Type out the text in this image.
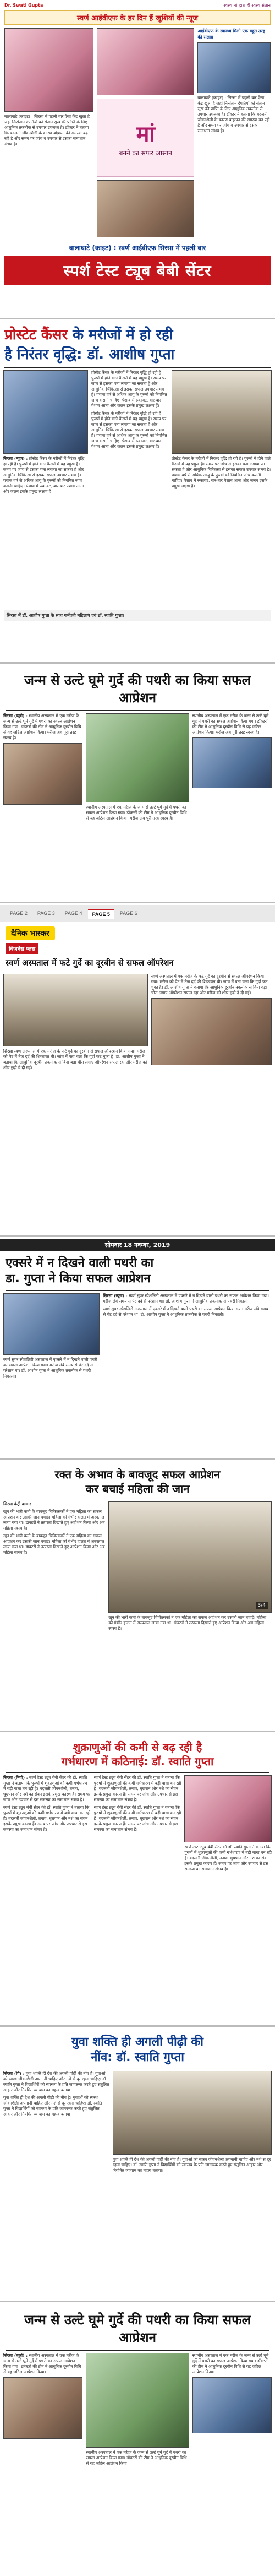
Dr. Swati Gupta	स्वस्थ मां द्वारा ही स्वस्थ संतान
स्वर्ण आईवीएफ के हर दिन हैं खुशियों की न्यूज

बालाघाटे (काइट) : सिरसा में पहली बार ऐसा केंद्र खुला है जहां निःसंतान दंपतियों को संतान सुख की प्राप्ति के लिए आधुनिक तकनीक से उपचार उपलब्ध है। डॉक्टर ने बताया कि बदलती जीवनशैली के कारण बांझपन की समस्या बढ़ रही है और समय पर जांच व उपचार से इसका समाधान संभव है।	मां
बनने का सफर आसान
आईवीएफ के स्वास्थ्य मिलो एक बहुत तरह की सलाह

बालाघाटे (काइट) : सिरसा में पहली बार ऐसा केंद्र खुला है जहां निःसंतान दंपतियों को संतान सुख की प्राप्ति के लिए आधुनिक तकनीक से उपचार उपलब्ध है। डॉक्टर ने बताया कि बदलती जीवनशैली के कारण बांझपन की समस्या बढ़ रही है और समय पर जांच व उपचार से इसका समाधान संभव है।

बालाघाटे (काइट) : स्वर्ण आईवीएफ सिरसा में पहली बार
स्पर्श टेस्ट ट्यूब बेबी सेंटर
प्रोस्टेट कैंसर के मरीजों में हो रही
है निरंतर वृद्धि: डॉ. आशीष गुप्ता

सिरसा (न्यूज) : प्रोस्टेट कैंसर के मरीजों में निरंतर वृद्धि हो रही है। पुरुषों में होने वाले कैंसरों में यह प्रमुख है। समय पर जांच से इसका पता लगाया जा सकता है और आधुनिक चिकित्सा से इसका सफल उपचार संभव है। पचास वर्ष से अधिक आयु के पुरुषों को नियमित जांच करानी चाहिए। पेशाब में रुकावट, बार-बार पेशाब आना और जलन इसके प्रमुख लक्षण हैं।

प्रोस्टेट कैंसर के मरीजों में निरंतर वृद्धि हो रही है। पुरुषों में होने वाले कैंसरों में यह प्रमुख है। समय पर जांच से इसका पता लगाया जा सकता है और आधुनिक चिकित्सा से इसका सफल उपचार संभव है। पचास वर्ष से अधिक आयु के पुरुषों को नियमित जांच करानी चाहिए। पेशाब में रुकावट, बार-बार पेशाब आना और जलन इसके प्रमुख लक्षण हैं।

प्रोस्टेट कैंसर के मरीजों में निरंतर वृद्धि हो रही है। पुरुषों में होने वाले कैंसरों में यह प्रमुख है। समय पर जांच से इसका पता लगाया जा सकता है और आधुनिक चिकित्सा से इसका सफल उपचार संभव है। पचास वर्ष से अधिक आयु के पुरुषों को नियमित जांच करानी चाहिए। पेशाब में रुकावट, बार-बार पेशाब आना और जलन इसके प्रमुख लक्षण हैं।

प्रोस्टेट कैंसर के मरीजों में निरंतर वृद्धि हो रही है। पुरुषों में होने वाले कैंसरों में यह प्रमुख है। समय पर जांच से इसका पता लगाया जा सकता है और आधुनिक चिकित्सा से इसका सफल उपचार संभव है। पचास वर्ष से अधिक आयु के पुरुषों को नियमित जांच करानी चाहिए। पेशाब में रुकावट, बार-बार पेशाब आना और जलन इसके प्रमुख लक्षण हैं।

सिरसा में डॉ. आशीष गुप्ता के साथ गर्भवती महिलाएं एवं डॉ. स्वाति गुप्ता।
जन्म से उल्टे घूमे गुर्दे की पथरी का किया सफल आप्रेशन

सिरसा (ब्यूरो) : स्थानीय अस्पताल में एक मरीज के जन्म से उल्टे घूमे गुर्दे में पथरी का सफल आप्रेशन किया गया। डॉक्टरों की टीम ने आधुनिक दूरबीन विधि से यह जटिल आप्रेशन किया। मरीज अब पूरी तरह स्वस्थ है।

स्थानीय अस्पताल में एक मरीज के जन्म से उल्टे घूमे गुर्दे में पथरी का सफल आप्रेशन किया गया। डॉक्टरों की टीम ने आधुनिक दूरबीन विधि से यह जटिल आप्रेशन किया। मरीज अब पूरी तरह स्वस्थ है।

स्थानीय अस्पताल में एक मरीज के जन्म से उल्टे घूमे गुर्दे में पथरी का सफल आप्रेशन किया गया। डॉक्टरों की टीम ने आधुनिक दूरबीन विधि से यह जटिल आप्रेशन किया। मरीज अब पूरी तरह स्वस्थ है।

PAGE 2	PAGE 3	PAGE 4	PAGE 5	PAGE 6
दैनिक भास्कर
बिजनेस प्लस
स्वर्ण अस्पताल में फटे गुर्दे का दूरबीन से सफल ऑपरेशन

सिरसा स्वर्ण अस्पताल में एक मरीज के फटे गुर्दे का दूरबीन से सफल ऑपरेशन किया गया। मरीज को पेट में तेज दर्द की शिकायत थी। जांच में पता चला कि गुर्दा फट चुका है। डॉ. आशीष गुप्ता ने बताया कि आधुनिक दूरबीन तकनीक से बिना बड़ा चीरा लगाए ऑपरेशन सफल रहा और मरीज को शीघ्र छुट्टी दे दी गई।

स्वर्ण अस्पताल में एक मरीज के फटे गुर्दे का दूरबीन से सफल ऑपरेशन किया गया। मरीज को पेट में तेज दर्द की शिकायत थी। जांच में पता चला कि गुर्दा फट चुका है। डॉ. आशीष गुप्ता ने बताया कि आधुनिक दूरबीन तकनीक से बिना बड़ा चीरा लगाए ऑपरेशन सफल रहा और मरीज को शीघ्र छुट्टी दे दी गई।

सोमवार 18 नवम्बर, 2019
एक्सरे में न दिखने वाली पथरी का
डा. गुप्ता ने किया सफल आप्रेशन

स्वर्ण सुपर स्पेशलिटी अस्पताल में एक्सरे में न दिखने वाली पथरी का सफल आप्रेशन किया गया। मरीज लंबे समय से पेट दर्द से परेशान था। डॉ. आशीष गुप्ता ने आधुनिक तकनीक से पथरी निकाली।

सिरसा (न्यूज) : स्वर्ण सुपर स्पेशलिटी अस्पताल में एक्सरे में न दिखने वाली पथरी का सफल आप्रेशन किया गया। मरीज लंबे समय से पेट दर्द से परेशान था। डॉ. आशीष गुप्ता ने आधुनिक तकनीक से पथरी निकाली।

स्वर्ण सुपर स्पेशलिटी अस्पताल में एक्सरे में न दिखने वाली पथरी का सफल आप्रेशन किया गया। मरीज लंबे समय से पेट दर्द से परेशान था। डॉ. आशीष गुप्ता ने आधुनिक तकनीक से पथरी निकाली।

रक्त के अभाव के बावजूद सफल आप्रेशन
कर बचाई महिला की जान

सिरसा कंट्री बाजार

खून की भारी कमी के बावजूद चिकित्सकों ने एक महिला का सफल आप्रेशन कर उसकी जान बचाई। महिला को गंभीर हालत में अस्पताल लाया गया था। डॉक्टरों ने तत्परता दिखाते हुए आप्रेशन किया और अब महिला स्वस्थ है।

खून की भारी कमी के बावजूद चिकित्सकों ने एक महिला का सफल आप्रेशन कर उसकी जान बचाई। महिला को गंभीर हालत में अस्पताल लाया गया था। डॉक्टरों ने तत्परता दिखाते हुए आप्रेशन किया और अब महिला स्वस्थ है।

3/4

खून की भारी कमी के बावजूद चिकित्सकों ने एक महिला का सफल आप्रेशन कर उसकी जान बचाई। महिला को गंभीर हालत में अस्पताल लाया गया था। डॉक्टरों ने तत्परता दिखाते हुए आप्रेशन किया और अब महिला स्वस्थ है।

शुक्राणुओं की कमी से बढ़ रही है
गर्भधारण में कठिनाई: डॉ. स्वाति गुप्ता

सिरसा (नियो) : स्वर्ण टेस्ट ट्यूब बेबी सेंटर की डॉ. स्वाति गुप्ता ने बताया कि पुरुषों में शुक्राणुओं की कमी गर्भधारण में बड़ी बाधा बन रही है। बदलती जीवनशैली, तनाव, धूम्रपान और नशे का सेवन इसके प्रमुख कारण हैं। समय पर जांच और उपचार से इस समस्या का समाधान संभव है।

स्वर्ण टेस्ट ट्यूब बेबी सेंटर की डॉ. स्वाति गुप्ता ने बताया कि पुरुषों में शुक्राणुओं की कमी गर्भधारण में बड़ी बाधा बन रही है। बदलती जीवनशैली, तनाव, धूम्रपान और नशे का सेवन इसके प्रमुख कारण हैं। समय पर जांच और उपचार से इस समस्या का समाधान संभव है।

स्वर्ण टेस्ट ट्यूब बेबी सेंटर की डॉ. स्वाति गुप्ता ने बताया कि पुरुषों में शुक्राणुओं की कमी गर्भधारण में बड़ी बाधा बन रही है। बदलती जीवनशैली, तनाव, धूम्रपान और नशे का सेवन इसके प्रमुख कारण हैं। समय पर जांच और उपचार से इस समस्या का समाधान संभव है।

स्वर्ण टेस्ट ट्यूब बेबी सेंटर की डॉ. स्वाति गुप्ता ने बताया कि पुरुषों में शुक्राणुओं की कमी गर्भधारण में बड़ी बाधा बन रही है। बदलती जीवनशैली, तनाव, धूम्रपान और नशे का सेवन इसके प्रमुख कारण हैं। समय पर जांच और उपचार से इस समस्या का समाधान संभव है।

स्वर्ण टेस्ट ट्यूब बेबी सेंटर की डॉ. स्वाति गुप्ता ने बताया कि पुरुषों में शुक्राणुओं की कमी गर्भधारण में बड़ी बाधा बन रही है। बदलती जीवनशैली, तनाव, धूम्रपान और नशे का सेवन इसके प्रमुख कारण हैं। समय पर जांच और उपचार से इस समस्या का समाधान संभव है।

युवा शक्ति ही अगली पीढ़ी की
नींव: डॉ. स्वाति गुप्ता

सिरसा (पि) : युवा शक्ति ही देश की अगली पीढ़ी की नींव है। युवाओं को स्वस्थ जीवनशैली अपनानी चाहिए और नशे से दूर रहना चाहिए। डॉ. स्वाति गुप्ता ने विद्यार्थियों को स्वास्थ्य के प्रति जागरूक करते हुए संतुलित आहार और नियमित व्यायाम का महत्व बताया।

युवा शक्ति ही देश की अगली पीढ़ी की नींव है। युवाओं को स्वस्थ जीवनशैली अपनानी चाहिए और नशे से दूर रहना चाहिए। डॉ. स्वाति गुप्ता ने विद्यार्थियों को स्वास्थ्य के प्रति जागरूक करते हुए संतुलित आहार और नियमित व्यायाम का महत्व बताया।

युवा शक्ति ही देश की अगली पीढ़ी की नींव है। युवाओं को स्वस्थ जीवनशैली अपनानी चाहिए और नशे से दूर रहना चाहिए। डॉ. स्वाति गुप्ता ने विद्यार्थियों को स्वास्थ्य के प्रति जागरूक करते हुए संतुलित आहार और नियमित व्यायाम का महत्व बताया।

जन्म से उल्टे घूमे गुर्दे की पथरी का किया सफल आप्रेशन

सिरसा (ब्यूरो) : स्थानीय अस्पताल में एक मरीज के जन्म से उल्टे घूमे गुर्दे में पथरी का सफल आप्रेशन किया गया। डॉक्टरों की टीम ने आधुनिक दूरबीन विधि से यह जटिल आप्रेशन किया।

स्थानीय अस्पताल में एक मरीज के जन्म से उल्टे घूमे गुर्दे में पथरी का सफल आप्रेशन किया गया। डॉक्टरों की टीम ने आधुनिक दूरबीन विधि से यह जटिल आप्रेशन किया।

स्थानीय अस्पताल में एक मरीज के जन्म से उल्टे घूमे गुर्दे में पथरी का सफल आप्रेशन किया गया। डॉक्टरों की टीम ने आधुनिक दूरबीन विधि से यह जटिल आप्रेशन किया।
